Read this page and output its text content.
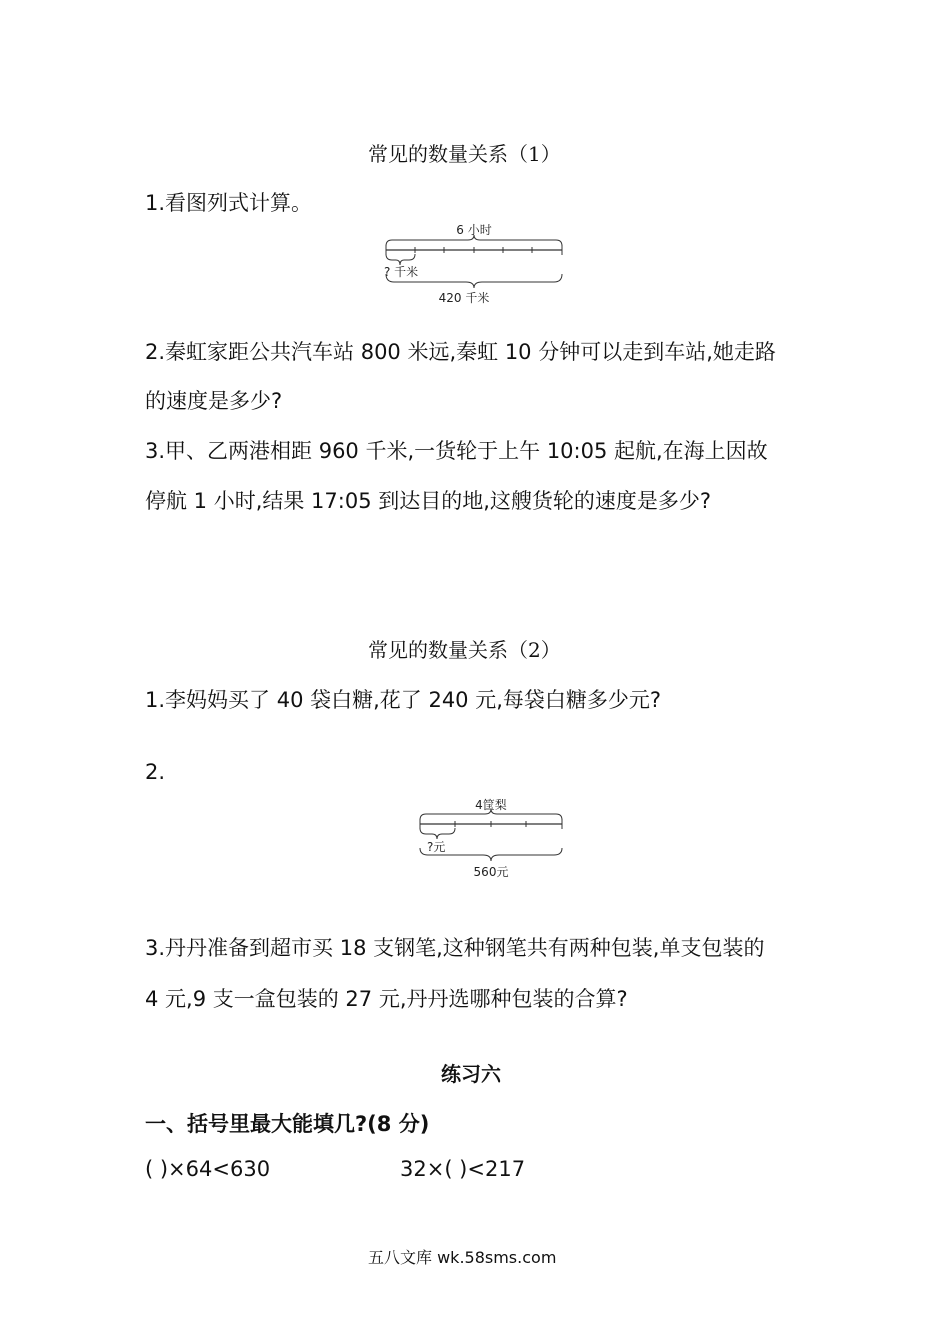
常见的数量关系（1）
1.看图列式计算。
6 小时
? 千米
420 千米
2.秦虹家距公共汽车站 800 米远,秦虹 10 分钟可以走到车站,她走路
的速度是多少?
3.甲、乙两港相距 960 千米,一货轮于上午 10:05 起航,在海上因故
停航 1 小时,结果 17:05 到达目的地,这艘货轮的速度是多少?
常见的数量关系（2）
1.李妈妈买了 40 袋白糖,花了 240 元,每袋白糖多少元?
2.
4筐梨
?元
560元
3.丹丹准备到超市买 18 支钢笔,这种钢笔共有两种包装,单支包装的
4 元,9 支一盒包装的 27 元,丹丹选哪种包装的合算?
练习六
一、括号里最大能填几?(8 分)
( )×64<630	32×( )<217
五八文库 wk.58sms.com
